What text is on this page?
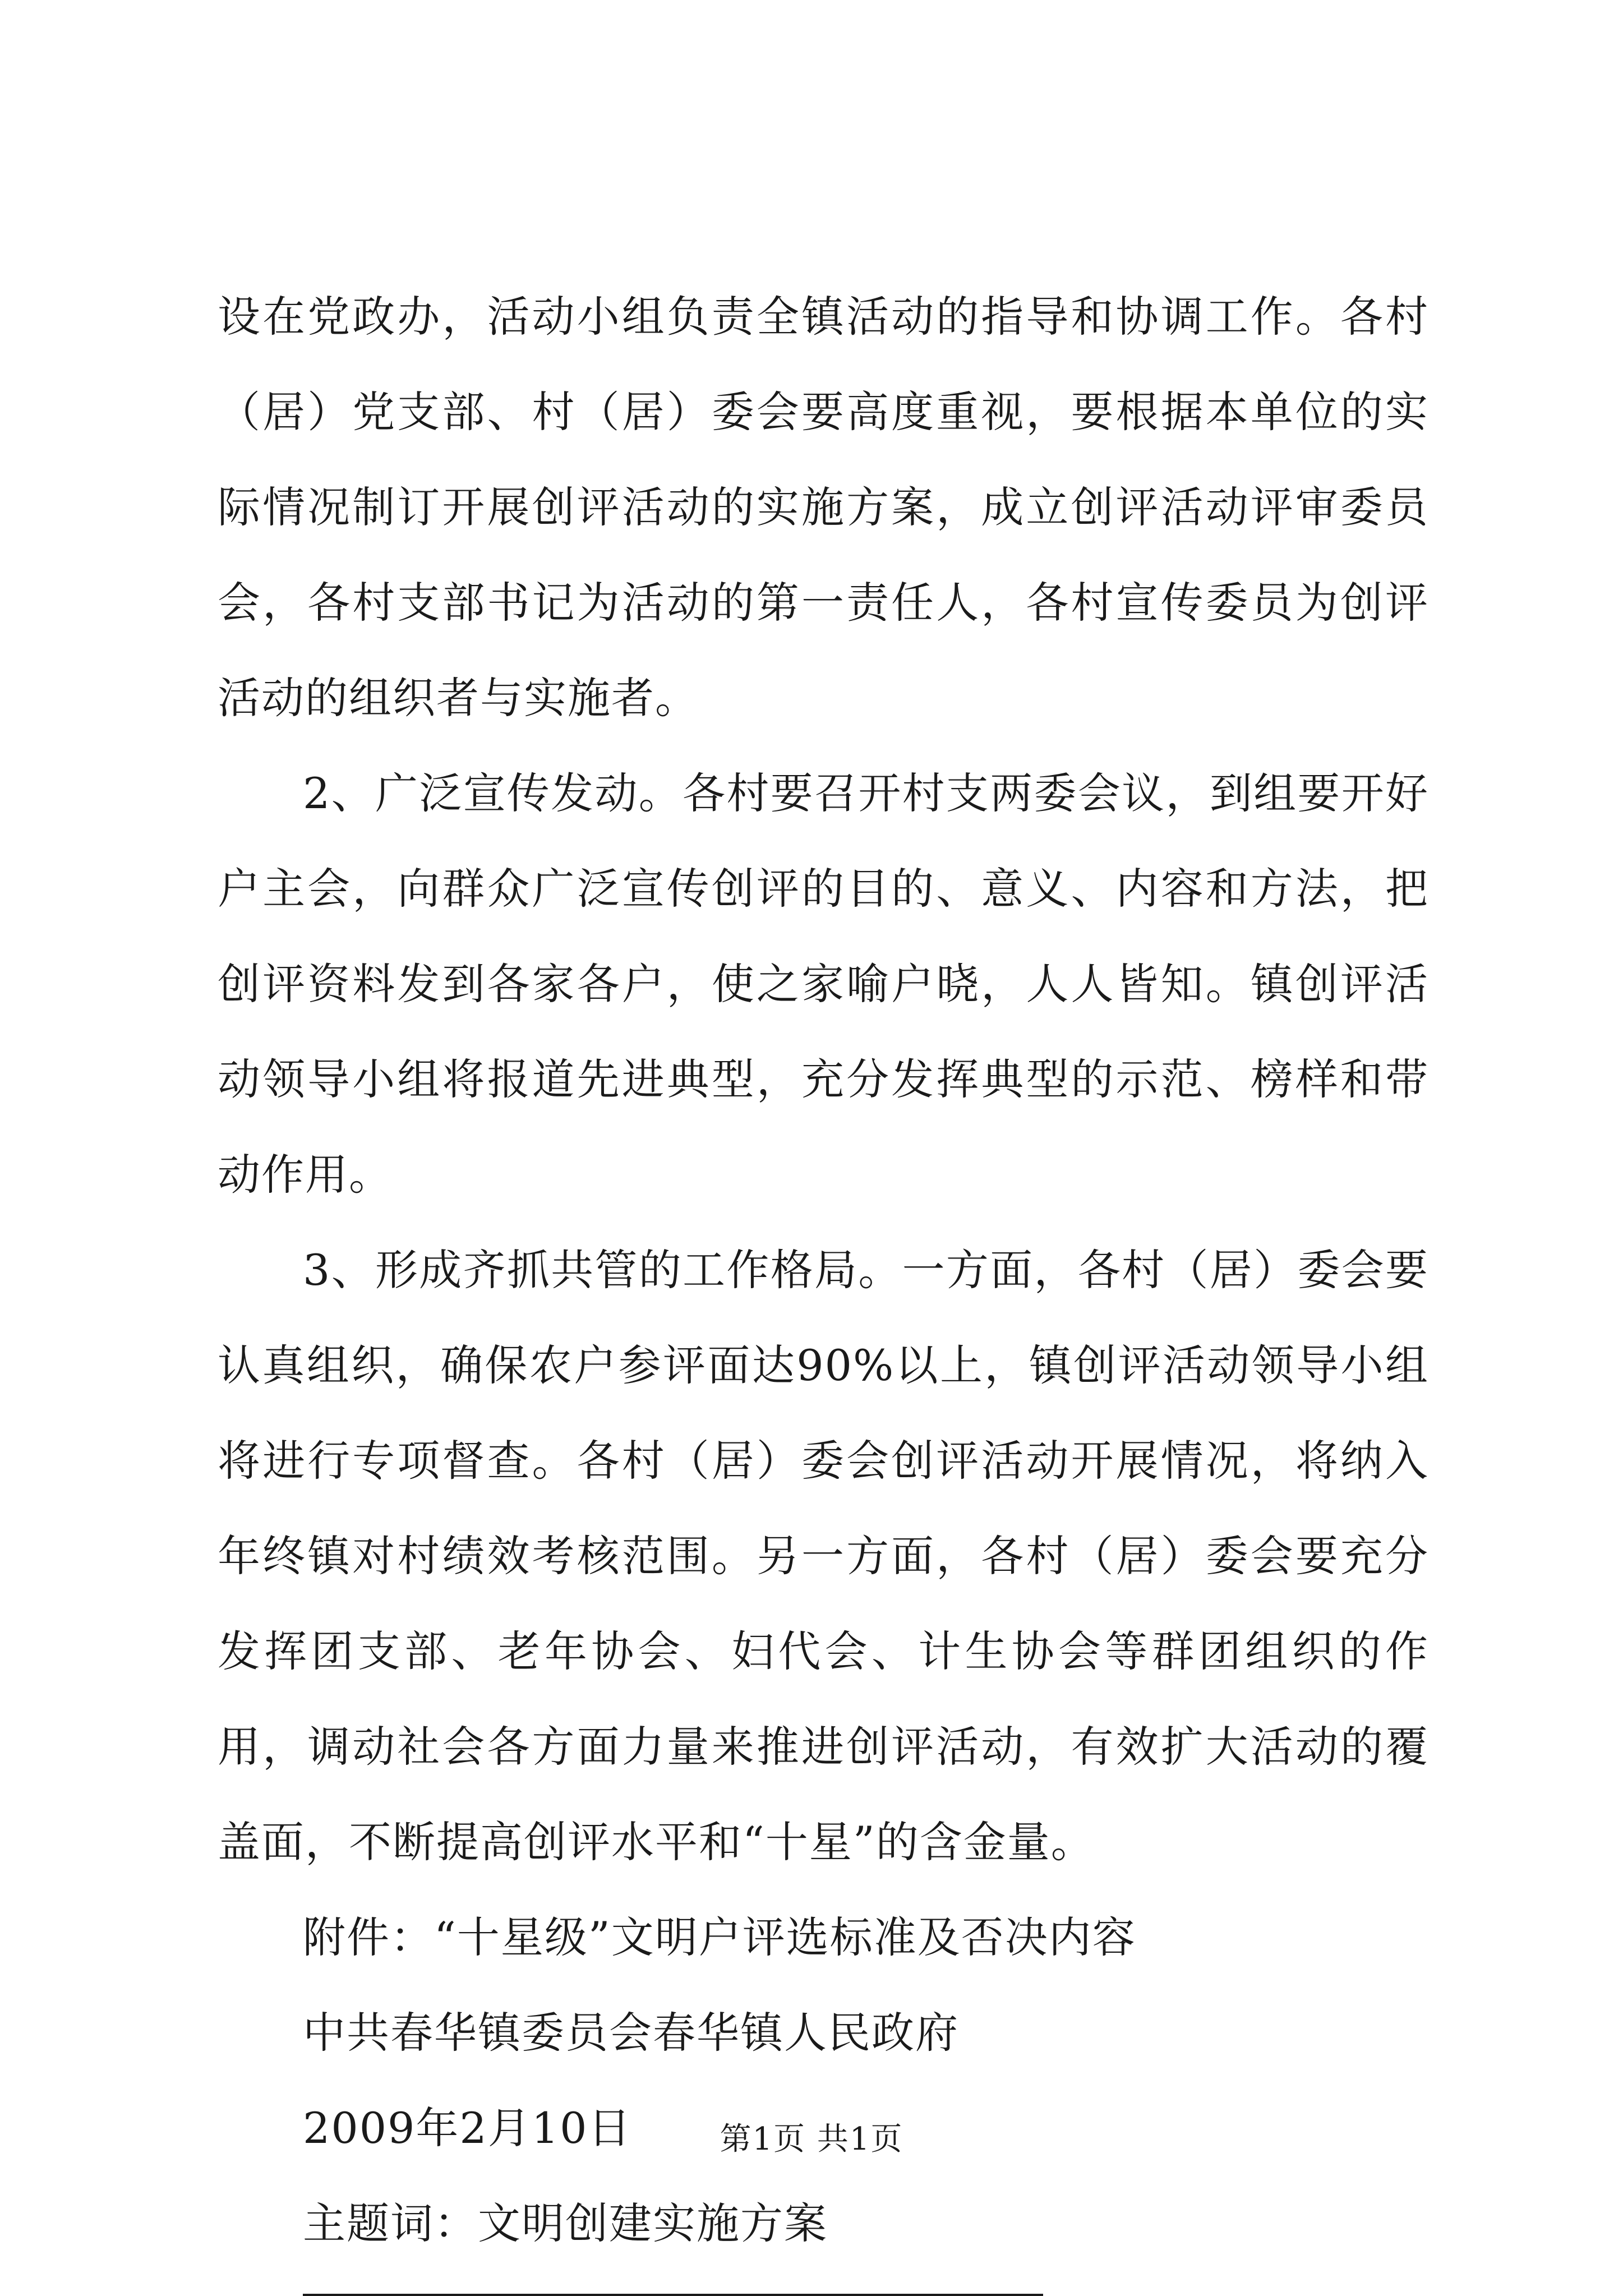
设在党政办，活动小组负责全镇活动的指导和协调工作。各村（居）党支部、村（居）委会要高度重视，要根据本单位的实际情况制订开展创评活动的实施方案，成立创评活动评审委员会，各村支部书记为活动的第一责任人，各村宣传委员为创评活动的组织者与实施者。

2、广泛宣传发动。各村要召开村支两委会议，到组要开好户主会，向群众广泛宣传创评的目的、意义、内容和方法，把创评资料发到各家各户，使之家喻户晓，人人皆知。镇创评活动领导小组将报道先进典型，充分发挥典型的示范、榜样和带动作用。

3、形成齐抓共管的工作格局。一方面，各村（居）委会要认真组织，确保农户参评面达90%以上，镇创评活动领导小组将进行专项督查。各村（居）委会创评活动开展情况，将纳入年终镇对村绩效考核范围。另一方面，各村（居）委会要充分发挥团支部、老年协会、妇代会、计生协会等群团组织的作用，调动社会各方面力量来推进创评活动，有效扩大活动的覆盖面，不断提高创评水平和“十星”的含金量。

附件：“十星级”文明户评选标准及否决内容

中共春华镇委员会春华镇人民政府

2009年2月10日

主题词：文明创建实施方案

第1页 共1页
